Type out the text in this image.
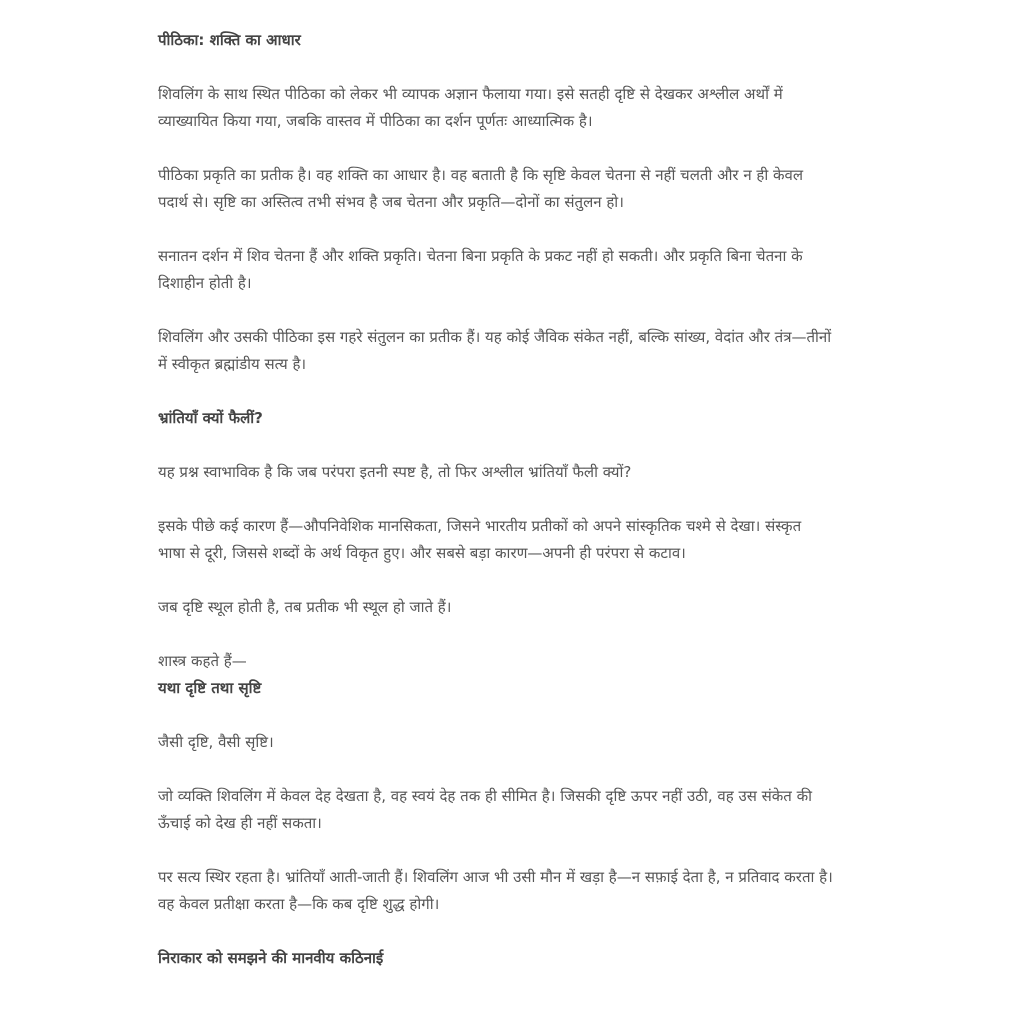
पीठिका: शक्ति का आधार
शिवलिंग के साथ स्थित पीठिका को लेकर भी व्यापक अज्ञान फैलाया गया। इसे सतही दृष्टि से देखकर अश्लील अर्थों में
व्याख्यायित किया गया, जबकि वास्तव में पीठिका का दर्शन पूर्णतः आध्यात्मिक है।
पीठिका प्रकृति का प्रतीक है। वह शक्ति का आधार है। वह बताती है कि सृष्टि केवल चेतना से नहीं चलती और न ही केवल
पदार्थ से। सृष्टि का अस्तित्व तभी संभव है जब चेतना और प्रकृति—दोनों का संतुलन हो।
सनातन दर्शन में शिव चेतना हैं और शक्ति प्रकृति। चेतना बिना प्रकृति के प्रकट नहीं हो सकती। और प्रकृति बिना चेतना के
दिशाहीन होती है।
शिवलिंग और उसकी पीठिका इस गहरे संतुलन का प्रतीक हैं। यह कोई जैविक संकेत नहीं, बल्कि सांख्य, वेदांत और तंत्र—तीनों
में स्वीकृत ब्रह्मांडीय सत्य है।
भ्रांतियाँ क्यों फैलीं?
यह प्रश्न स्वाभाविक है कि जब परंपरा इतनी स्पष्ट है, तो फिर अश्लील भ्रांतियाँ फैली क्यों?
इसके पीछे कई कारण हैं—औपनिवेशिक मानसिकता, जिसने भारतीय प्रतीकों को अपने सांस्कृतिक चश्मे से देखा। संस्कृत
भाषा से दूरी, जिससे शब्दों के अर्थ विकृत हुए। और सबसे बड़ा कारण—अपनी ही परंपरा से कटाव।
जब दृष्टि स्थूल होती है, तब प्रतीक भी स्थूल हो जाते हैं।
शास्त्र कहते हैं—
यथा दृष्टि तथा सृष्टि
जैसी दृष्टि, वैसी सृष्टि।
जो व्यक्ति शिवलिंग में केवल देह देखता है, वह स्वयं देह तक ही सीमित है। जिसकी दृष्टि ऊपर नहीं उठी, वह उस संकेत की
ऊँचाई को देख ही नहीं सकता।
पर सत्य स्थिर रहता है। भ्रांतियाँ आती-जाती हैं। शिवलिंग आज भी उसी मौन में खड़ा है—न सफ़ाई देता है, न प्रतिवाद करता है।
वह केवल प्रतीक्षा करता है—कि कब दृष्टि शुद्ध होगी।
निराकार को समझने की मानवीय कठिनाई
